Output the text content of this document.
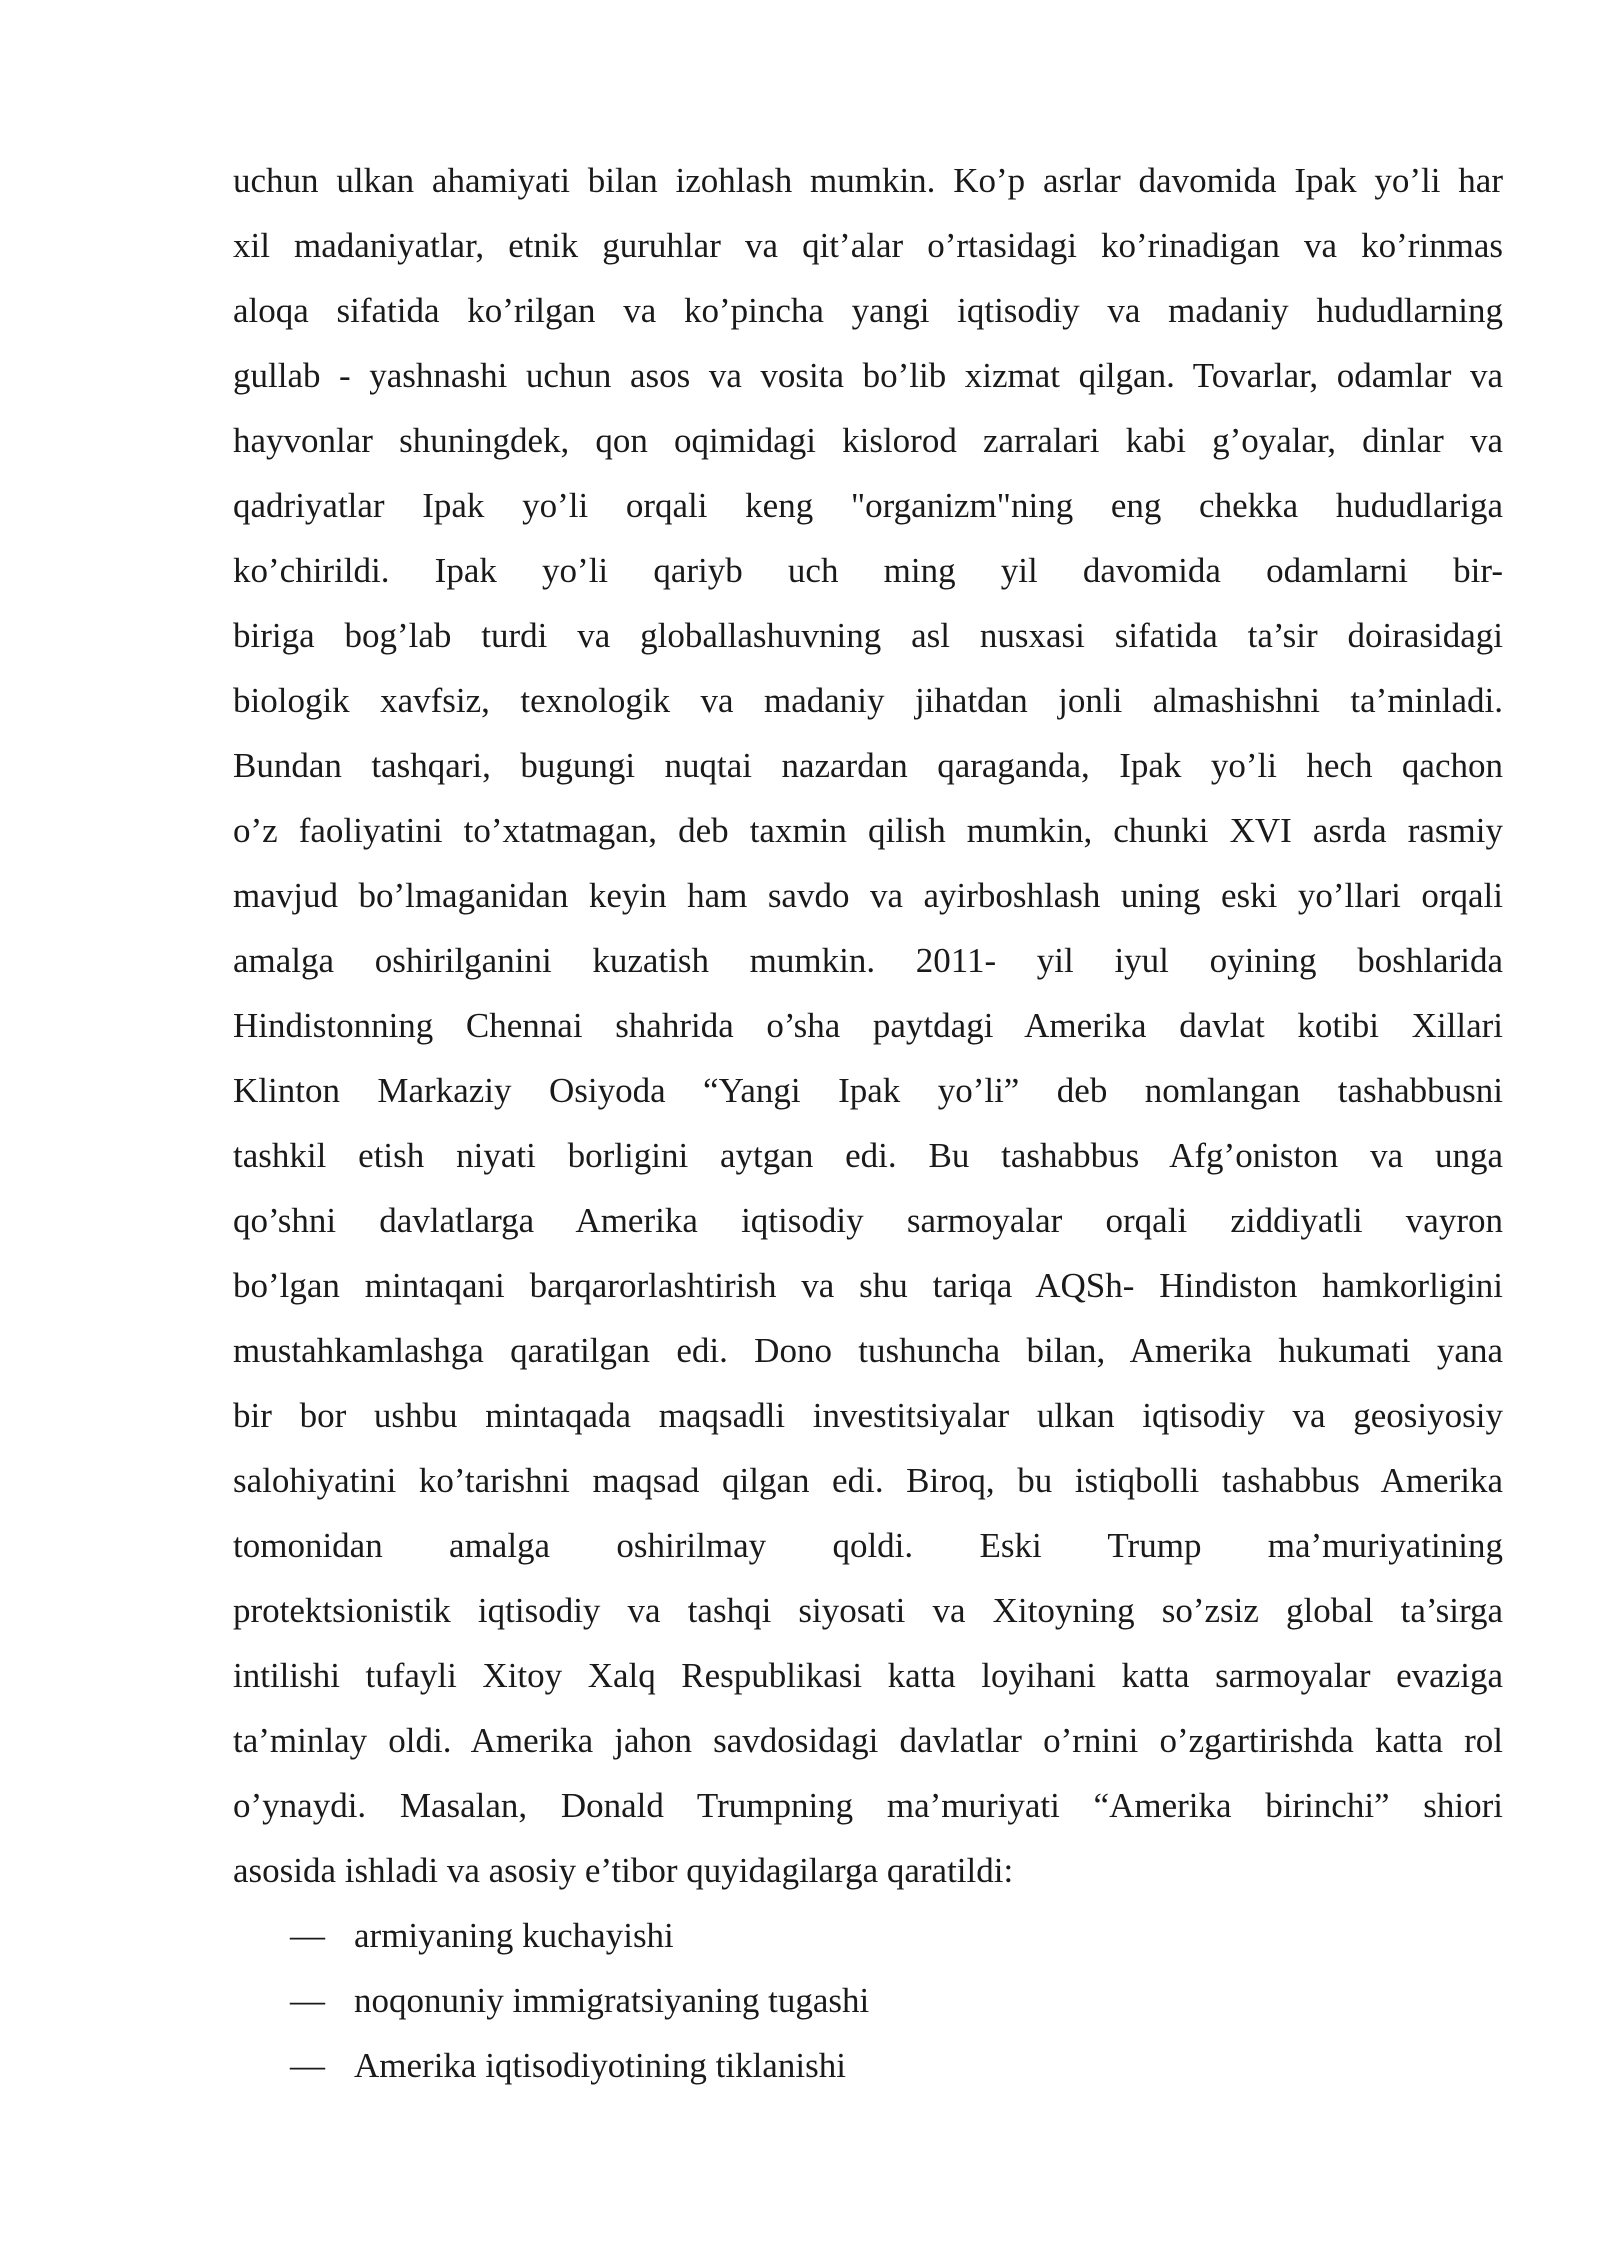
uchun ulkan ahamiyati bilan izohlash mumkin. Ko’p asrlar davomida Ipak yo’li har
xil madaniyatlar, etnik guruhlar va qit’alar o’rtasidagi ko’rinadigan va ko’rinmas
aloqa sifatida ko’rilgan va ko’pincha yangi iqtisodiy va madaniy hududlarning
gullab - yashnashi uchun asos va vosita bo’lib xizmat qilgan. Tovarlar, odamlar va
hayvonlar shuningdek, qon oqimidagi kislorod zarralari kabi g’oyalar, dinlar va
qadriyatlar Ipak yo’li orqali keng "organizm"ning eng chekka hududlariga
ko’chirildi. Ipak yo’li qariyb uch ming yil davomida odamlarni bir-
biriga bog’lab turdi va globallashuvning asl nusxasi sifatida ta’sir doirasidagi
biologik xavfsiz, texnologik va madaniy jihatdan jonli almashishni ta’minladi.
Bundan tashqari, bugungi nuqtai nazardan qaraganda, Ipak yo’li hech qachon
o’z faoliyatini to’xtatmagan, deb taxmin qilish mumkin, chunki XVI asrda rasmiy
mavjud bo’lmaganidan keyin ham savdo va ayirboshlash uning eski yo’llari orqali
amalga oshirilganini kuzatish mumkin. 2011- yil iyul oyining boshlarida
Hindistonning Chennai shahrida o’sha paytdagi Amerika davlat kotibi Xillari
Klinton Markaziy Osiyoda “Yangi Ipak yo’li” deb nomlangan tashabbusni
tashkil etish niyati borligini aytgan edi. Bu tashabbus Afg’oniston va unga
qo’shni davlatlarga Amerika iqtisodiy sarmoyalar orqali ziddiyatli vayron
bo’lgan mintaqani barqarorlashtirish va shu tariqa AQSh- Hindiston hamkorligini
mustahkamlashga qaratilgan edi. Dono tushuncha bilan, Amerika hukumati yana
bir bor ushbu mintaqada maqsadli investitsiyalar ulkan iqtisodiy va geosiyosiy
salohiyatini ko’tarishni maqsad qilgan edi. Biroq, bu istiqbolli tashabbus Amerika
tomonidan amalga oshirilmay qoldi. Eski Trump ma’muriyatining
protektsionistik iqtisodiy va tashqi siyosati va Xitoyning so’zsiz global ta’sirga
intilishi tufayli Xitoy Xalq Respublikasi katta loyihani katta sarmoyalar evaziga
ta’minlay oldi. Amerika jahon savdosidagi davlatlar o’rnini o’zgartirishda katta rol
o’ynaydi. Masalan, Donald Trumpning ma’muriyati “Amerika birinchi” shiori
asosida ishladi va asosiy e’tibor quyidagilarga qaratildi:
— armiyaning kuchayishi
— noqonuniy immigratsiyaning tugashi
— Amerika iqtisodiyotining tiklanishi
